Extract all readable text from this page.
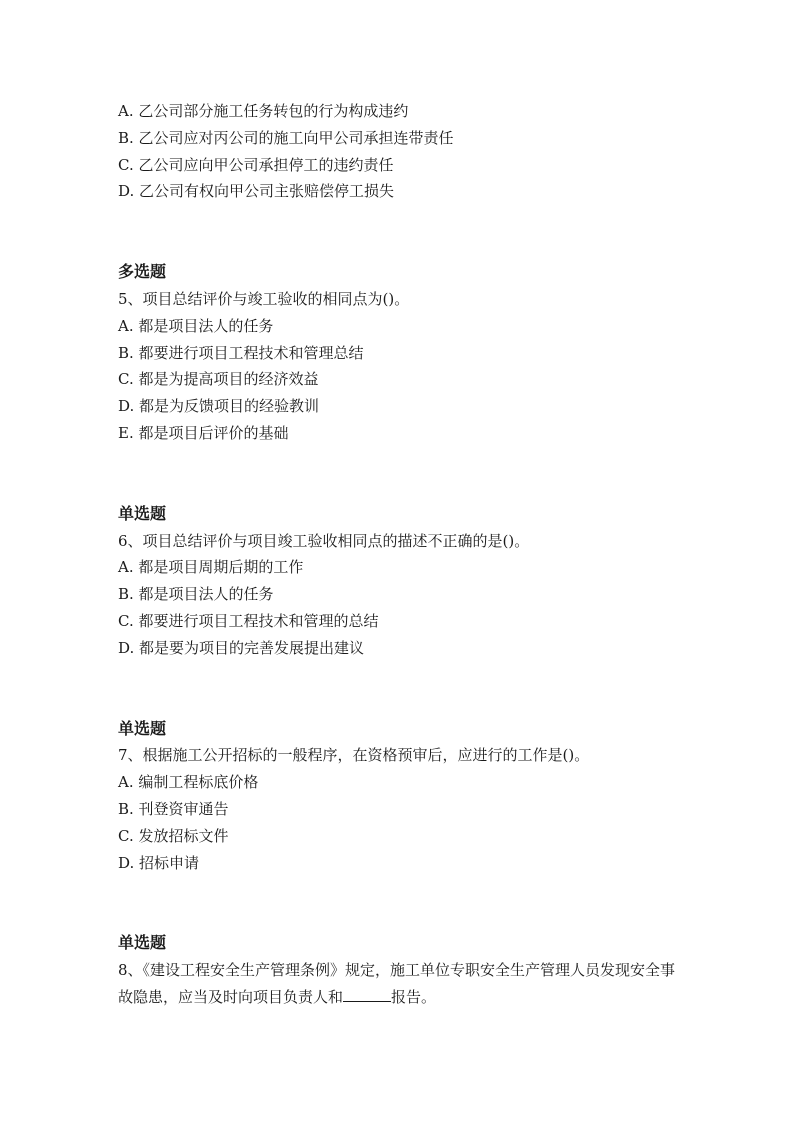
A. 乙公司部分施工任务转包的行为构成违约
B. 乙公司应对丙公司的施工向甲公司承担连带责任
C. 乙公司应向甲公司承担停工的违约责任
D. 乙公司有权向甲公司主张赔偿停工损失
多选题
5、项目总结评价与竣工验收的相同点为()。
A. 都是项目法人的任务
B. 都要进行项目工程技术和管理总结
C. 都是为提高项目的经济效益
D. 都是为反馈项目的经验教训
E. 都是项目后评价的基础
单选题
6、项目总结评价与项目竣工验收相同点的描述不正确的是()。
A. 都是项目周期后期的工作
B. 都是项目法人的任务
C. 都要进行项目工程技术和管理的总结
D. 都是要为项目的完善发展提出建议
单选题
7、根据施工公开招标的一般程序，在资格预审后，应进行的工作是()。
A. 编制工程标底价格
B. 刊登资审通告
C. 发放招标文件
D. 招标申请
单选题
8、《建设工程安全生产管理条例》规定，施工单位专职安全生产管理人员发现安全事故隐患，应当及时向项目负责人和	报告。
